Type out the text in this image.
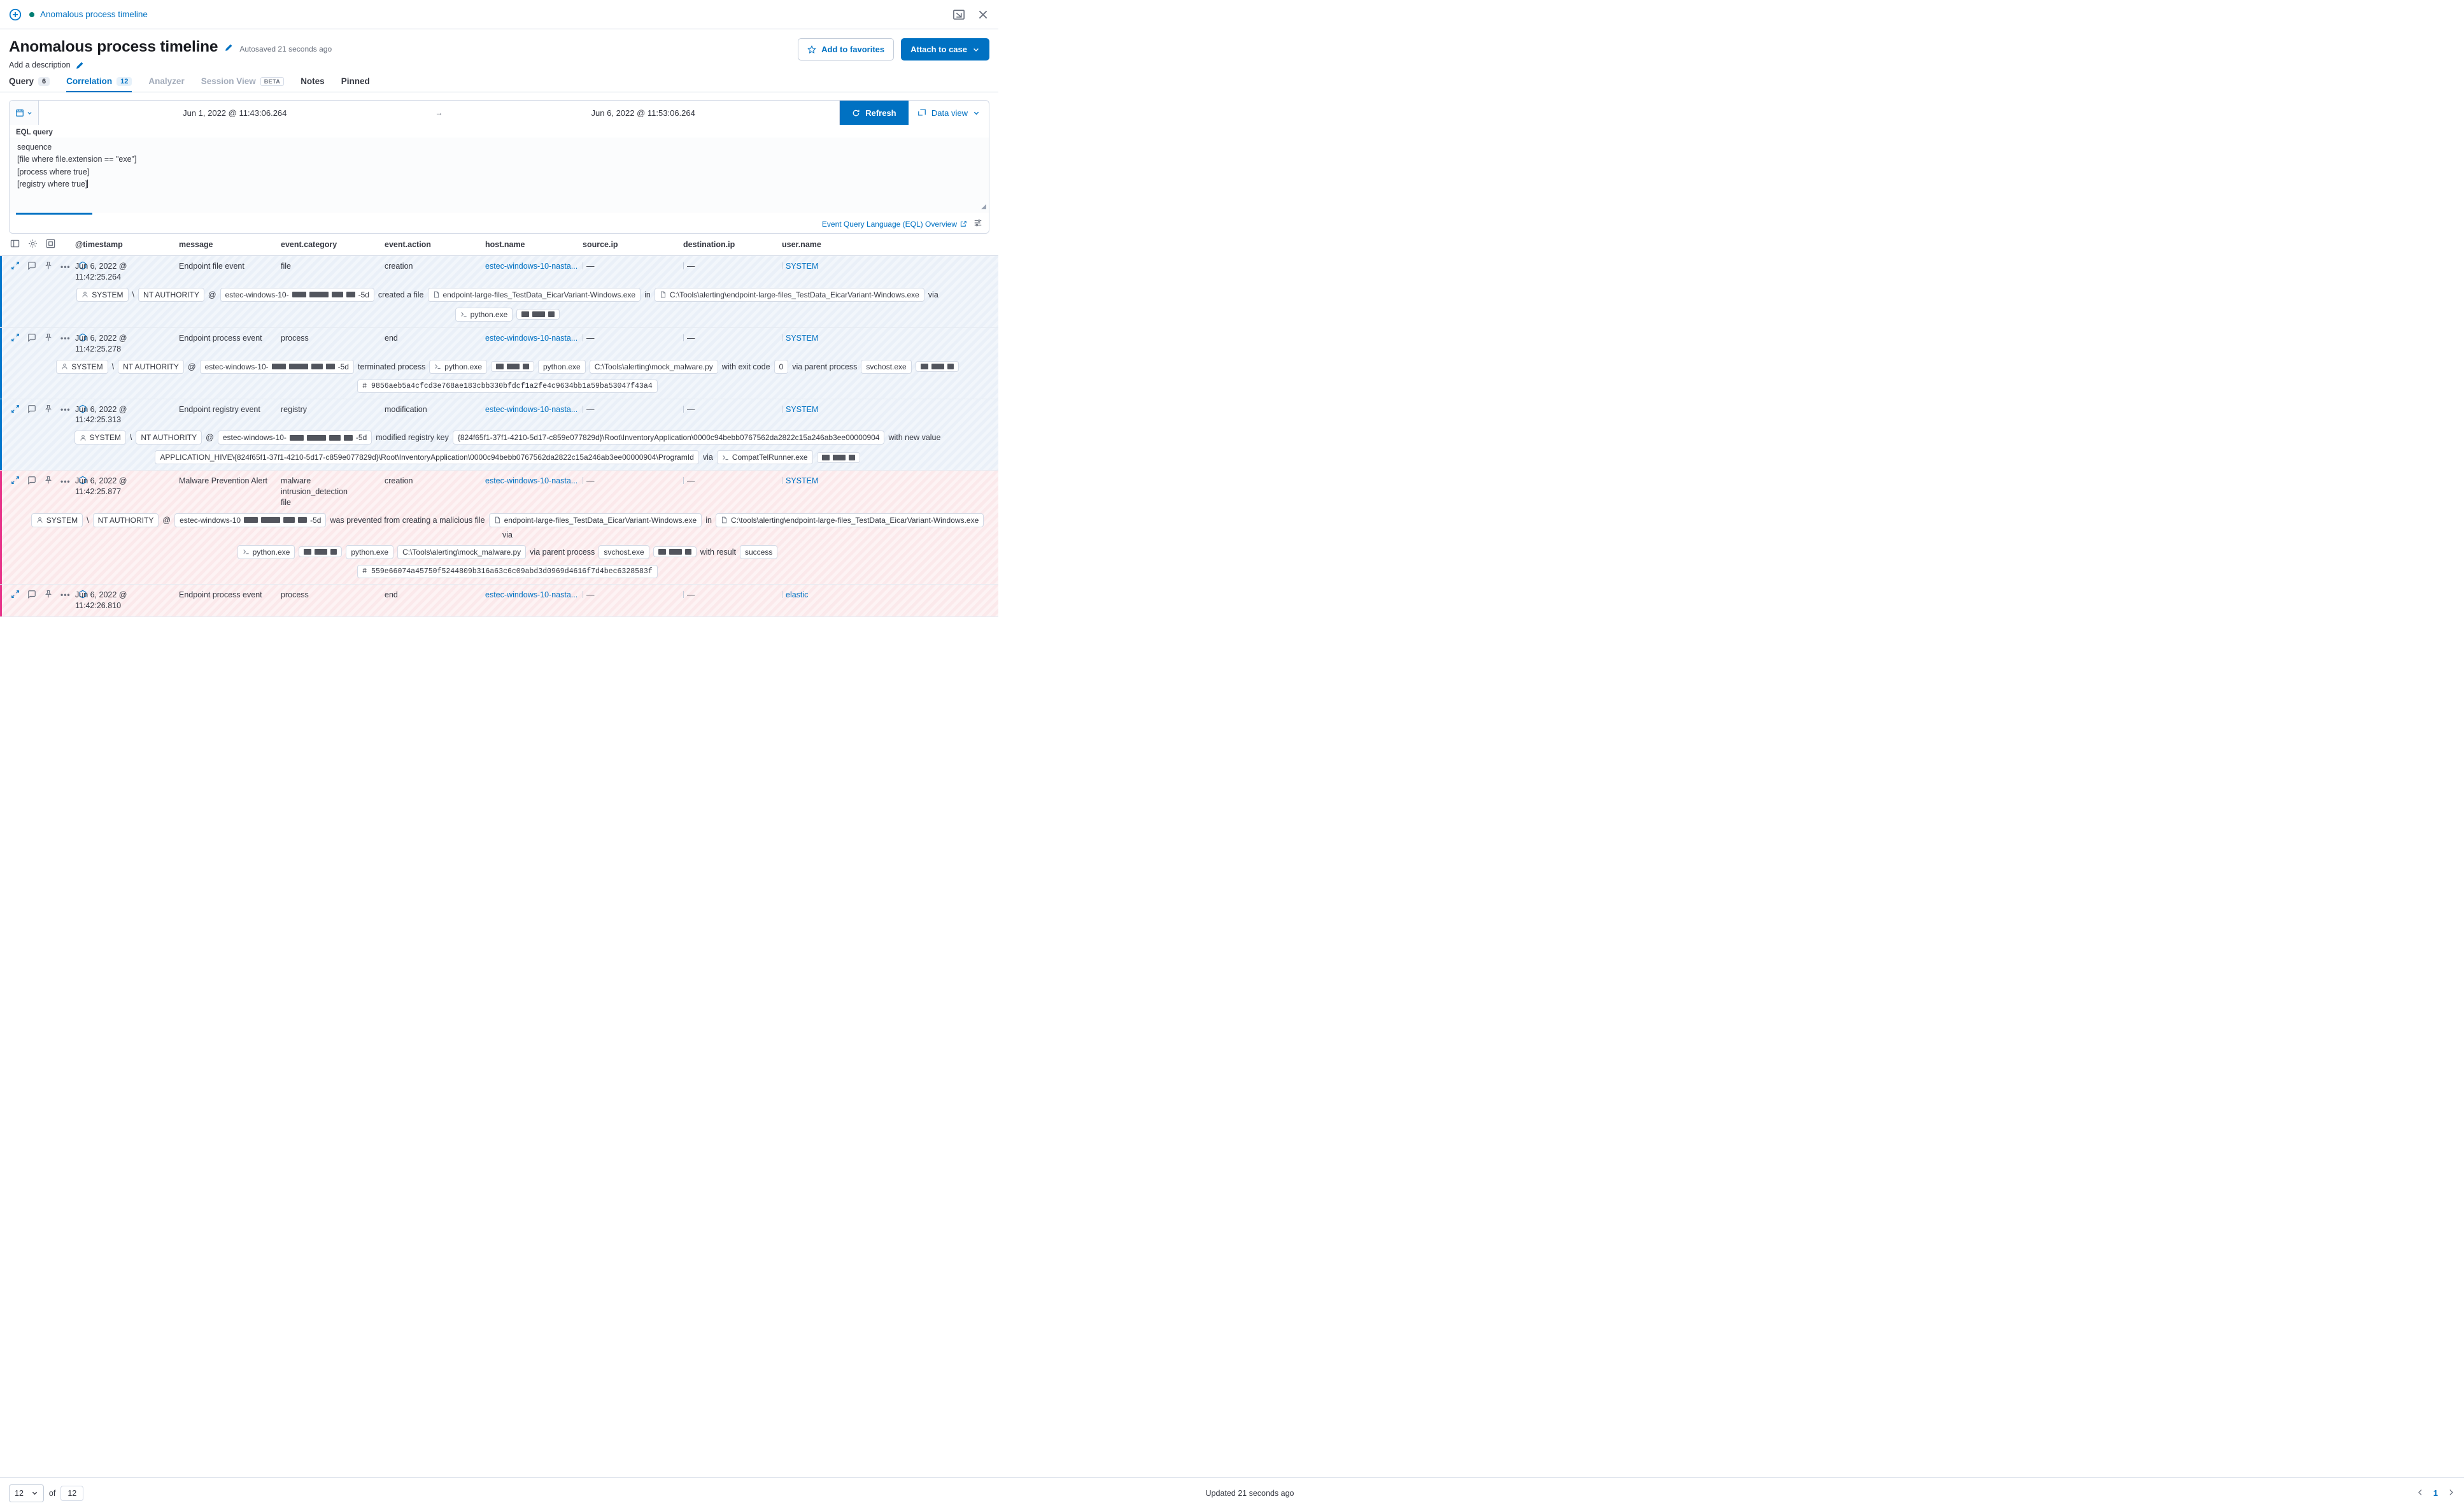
Anomalous process timeline
Anomalous process timeline	Autosaved 21 seconds ago
Add a description
Add to favorites	Attach to case
Query	6	Correlation	12	Analyzer Session View	BETA	Notes Pinned
Jun 1, 2022 @ 11:43:06.264	→	Jun 6, 2022 @ 11:53:06.264	Refresh	Data view
EQL query
sequence
[file where file.extension == "exe"]
[process where true]
[registry where true]
◢
Event Query Language (EQL) Overview
@timestamp	message	event.category	event.action	host.name	source.ip	destination.ip	user.name
••• Jun 6, 2022 @ 11:42:25.264
Endpoint file event	file	creation	estec-windows-10-nasta...	—	—	SYSTEM
SYSTEM	\	NT AUTHORITY	@	estec-windows-10-	-5d	created a file	endpoint-large-files_TestData_EicarVariant-Windows.exe	in	C:\Tools\alerting\endpoint-large-files_TestData_EicarVariant-Windows.exe	via
python.exe
••• Jun 6, 2022 @ 11:42:25.278
Endpoint process event	process	end	estec-windows-10-nasta...	—	—	SYSTEM
SYSTEM	\	NT AUTHORITY	@	estec-windows-10-	-5d	terminated process	python.exe	python.exe	C:\Tools\alerting\mock_malware.py	with exit code	0	via parent process	svchost.exe
# 9856aeb5a4cfcd3e768ae183cbb330bfdcf1a2fe4c9634bb1a59ba53047f43a4
••• Jun 6, 2022 @ 11:42:25.313
Endpoint registry event	registry	modification	estec-windows-10-nasta...	—	—	SYSTEM
SYSTEM	\	NT AUTHORITY	@	estec-windows-10-	-5d	modified registry key	{824f65f1-37f1-4210-5d17-c859e077829d}\Root\InventoryApplication\0000c94bebb0767562da2822c15a246ab3ee00000904	with new value
APPLICATION_HIVE\{824f65f1-37f1-4210-5d17-c859e077829d}\Root\InventoryApplication\0000c94bebb0767562da2822c15a246ab3ee00000904\ProgramId	via	CompatTelRunner.exe
••• Jun 6, 2022 @ 11:42:25.877
Malware Prevention Alert	malware
intrusion_detection
file
creation	estec-windows-10-nasta...	—	—	SYSTEM
SYSTEM	\	NT AUTHORITY	@	estec-windows-10	-5d	was prevented from creating a malicious file	endpoint-large-files_TestData_EicarVariant-Windows.exe	in	C:\tools\alerting\endpoint-large-files_TestData_EicarVariant-Windows.exe
via
python.exe	python.exe	C:\Tools\alerting\mock_malware.py	via parent process	svchost.exe	with result	success
# 559e66074a45750f5244809b316a63c6c09abd3d0969d4616f7d4bec6328583f
••• Jun 6, 2022 @ 11:42:26.810
Endpoint process event	process	end	estec-windows-10-nasta...	—	—	elastic
12	of	12	Updated 21 seconds ago	1
